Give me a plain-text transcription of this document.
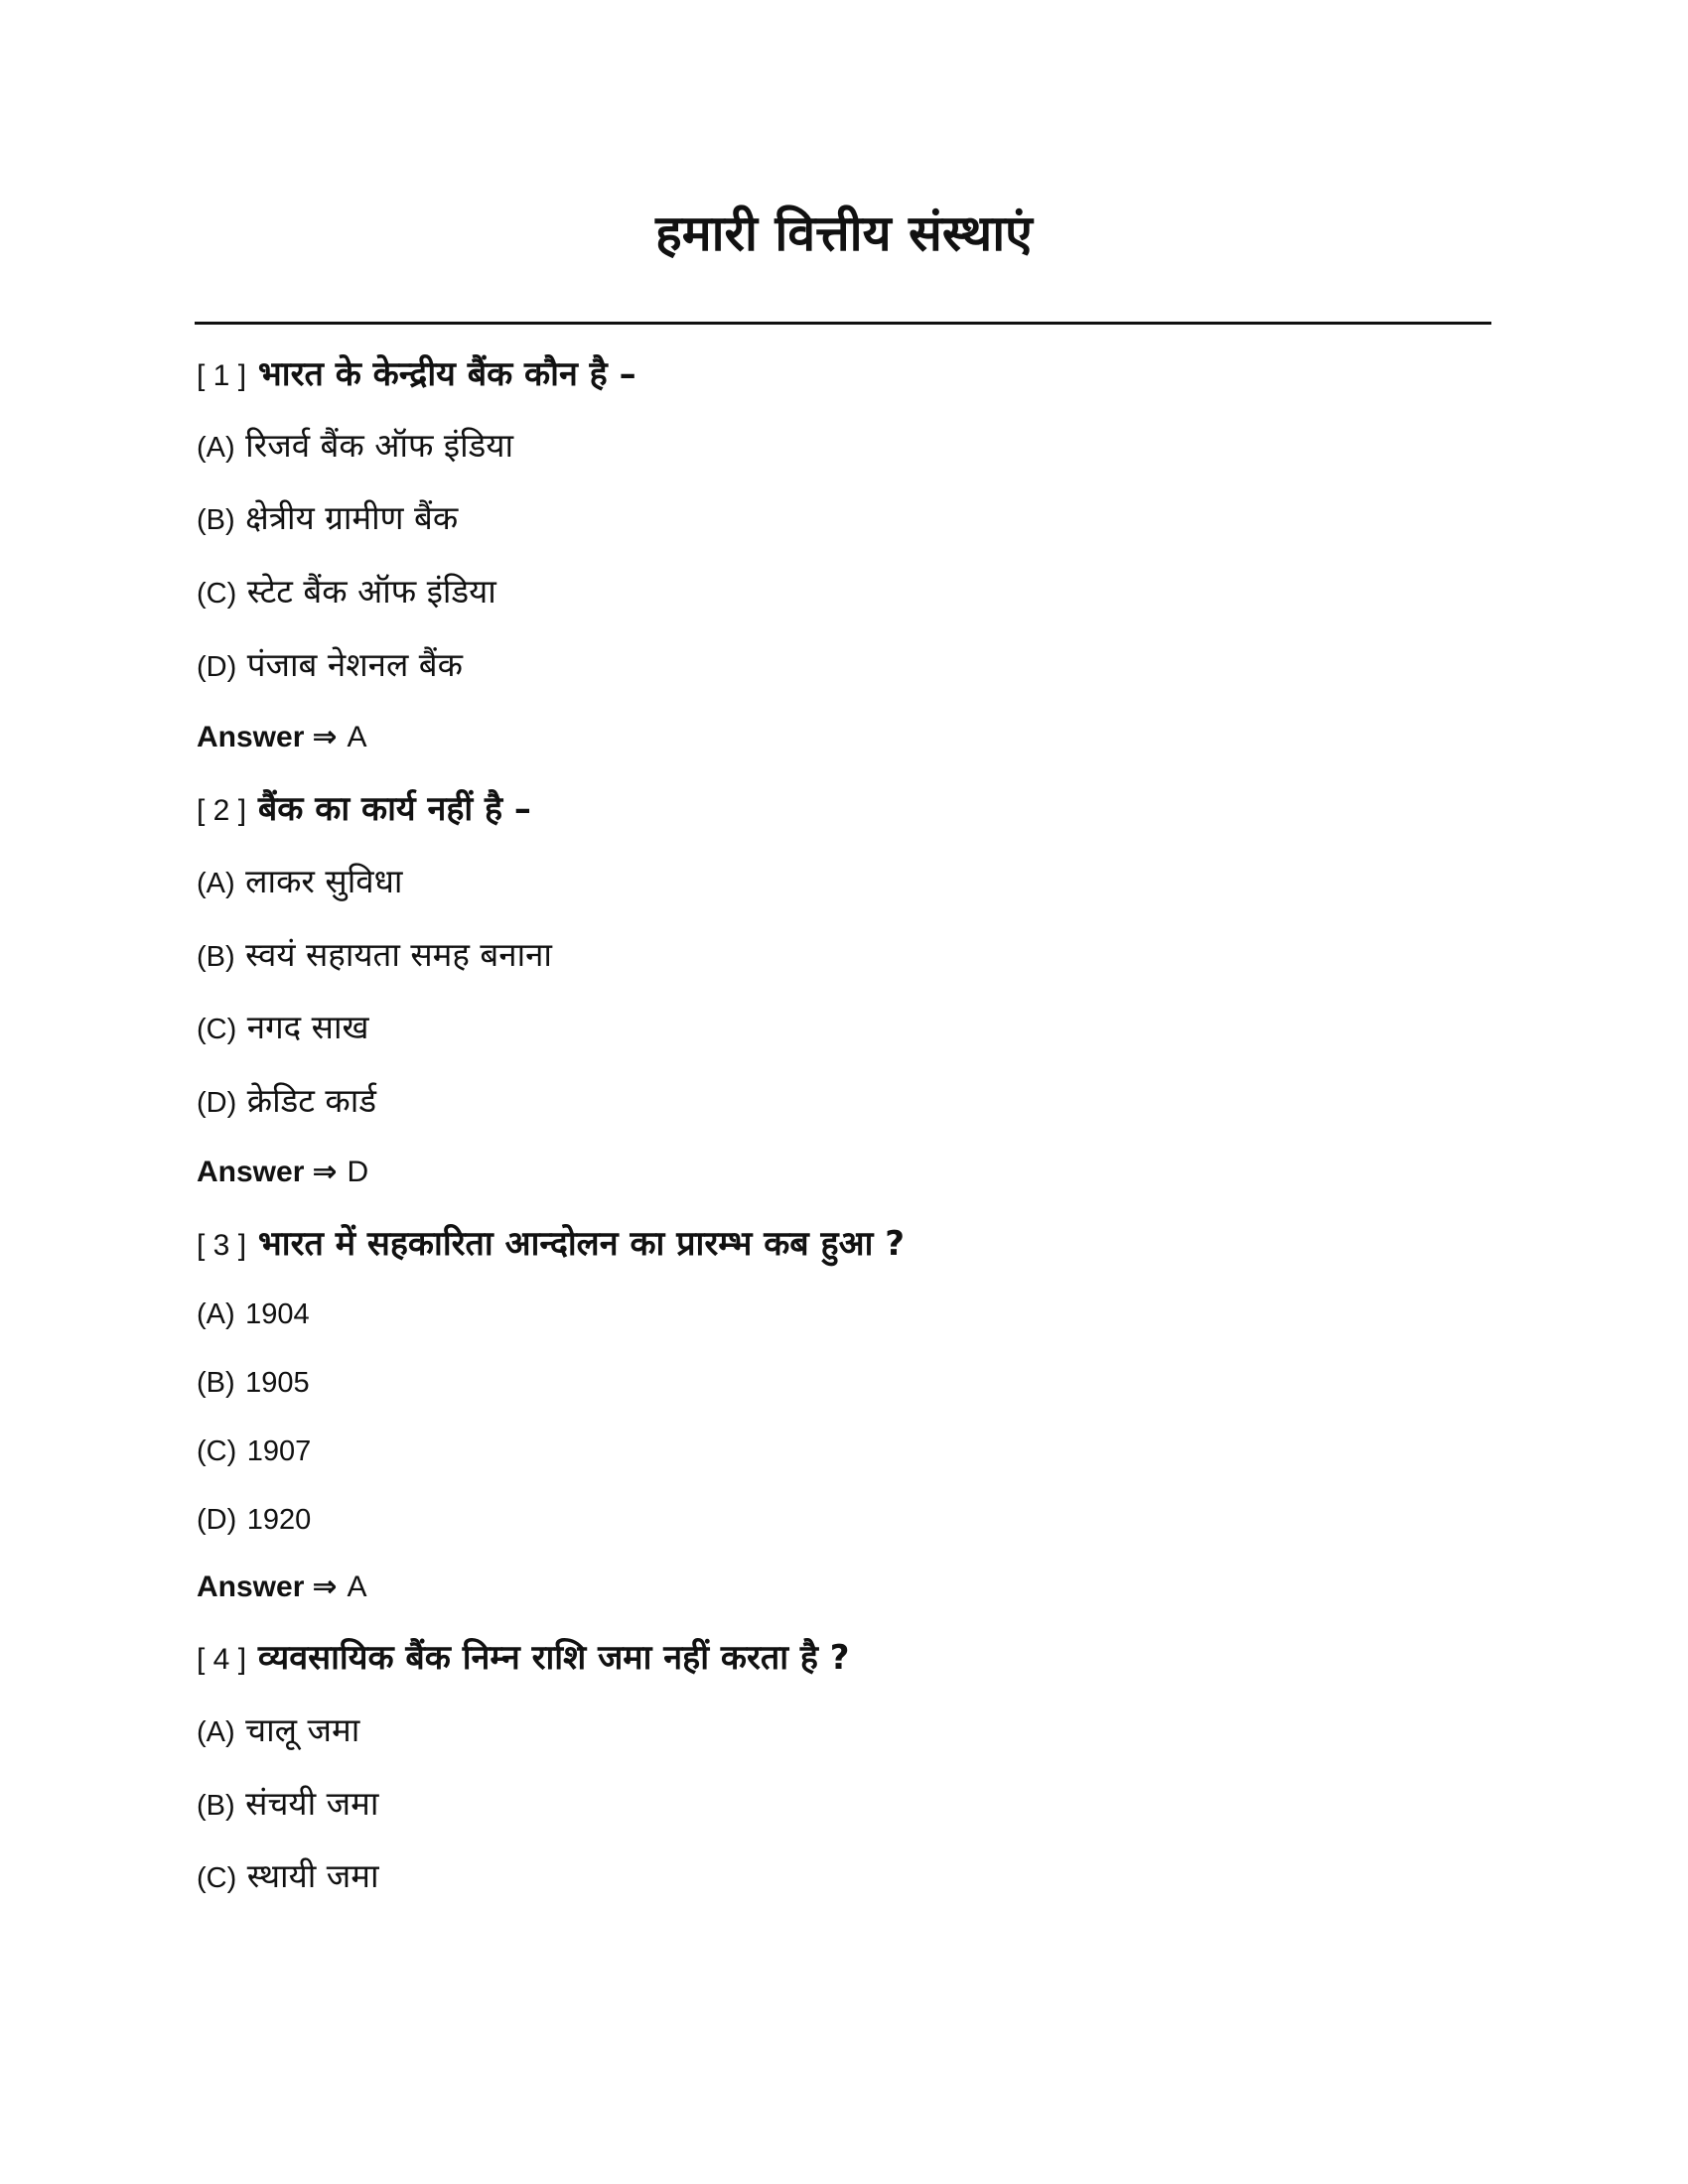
हमारी वित्तीय संस्थाएं
[ 1 ] भारत के केन्द्रीय बैंक कौन है –
(A) रिजर्व बैंक ऑफ इंडिया
(B) क्षेत्रीय ग्रामीण बैंक
(C) स्टेट बैंक ऑफ इंडिया
(D) पंजाब नेशनल बैंक
Answer ⇒ A
[ 2 ] बैंक का कार्य नहीं है –
(A) लाकर सुविधा
(B) स्वयं सहायता समह बनाना
(C) नगद साख
(D) क्रेडिट कार्ड
Answer ⇒ D
[ 3 ] भारत में सहकारिता आन्दोलन का प्रारम्भ कब हुआ ?
(A) 1904
(B) 1905
(C) 1907
(D) 1920
Answer ⇒ A
[ 4 ] व्यवसायिक बैंक निम्न राशि जमा नहीं करता है ?
(A) चालू जमा
(B) संचयी जमा
(C) स्थायी जमा
